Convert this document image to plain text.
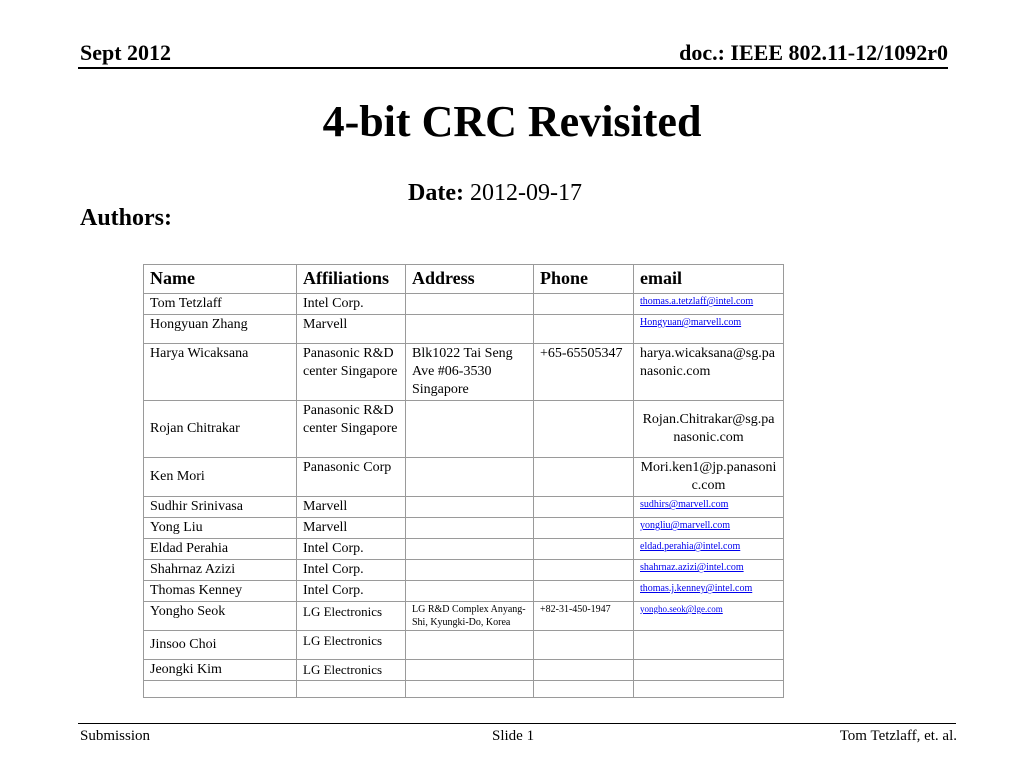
Sept 2012	doc.: IEEE 802.11-12/1092r0
4-bit CRC Revisited
Date: 2012-09-17
Authors:
Name	Affiliations	Address	Phone	email
Tom Tetzlaff	Intel Corp.			thomas.a.tetzlaff@intel.com
Hongyuan Zhang	Marvell			Hongyuan@marvell.com
Harya Wicaksana	Panasonic R&D center Singapore	Blk1022 Tai Seng Ave #06-3530 Singapore	+65-65505347	harya.wicaksana@sg.panasonic.com
Rojan Chitrakar	Panasonic R&D center Singapore			Rojan.Chitrakar@sg.panasonic.com
Ken Mori	Panasonic Corp			Mori.ken1@jp.panasonic.com
Sudhir Srinivasa	Marvell			sudhirs@marvell.com
Yong Liu	Marvell			yongliu@marvell.com
Eldad Perahia	Intel Corp.			eldad.perahia@intel.com
Shahrnaz Azizi	Intel Corp.			shahrnaz.azizi@intel.com
Thomas Kenney	Intel Corp.			thomas.j.kenney@intel.com
Yongho Seok	LG Electronics	LG R&D Complex Anyang-Shi, Kyungki-Do, Korea	+82-31-450-1947	yongho.seok@lge.com
Jinsoo Choi	LG Electronics			
Jeongki Kim	LG Electronics			

Submission	Slide 1	Tom Tetzlaff, et. al.
